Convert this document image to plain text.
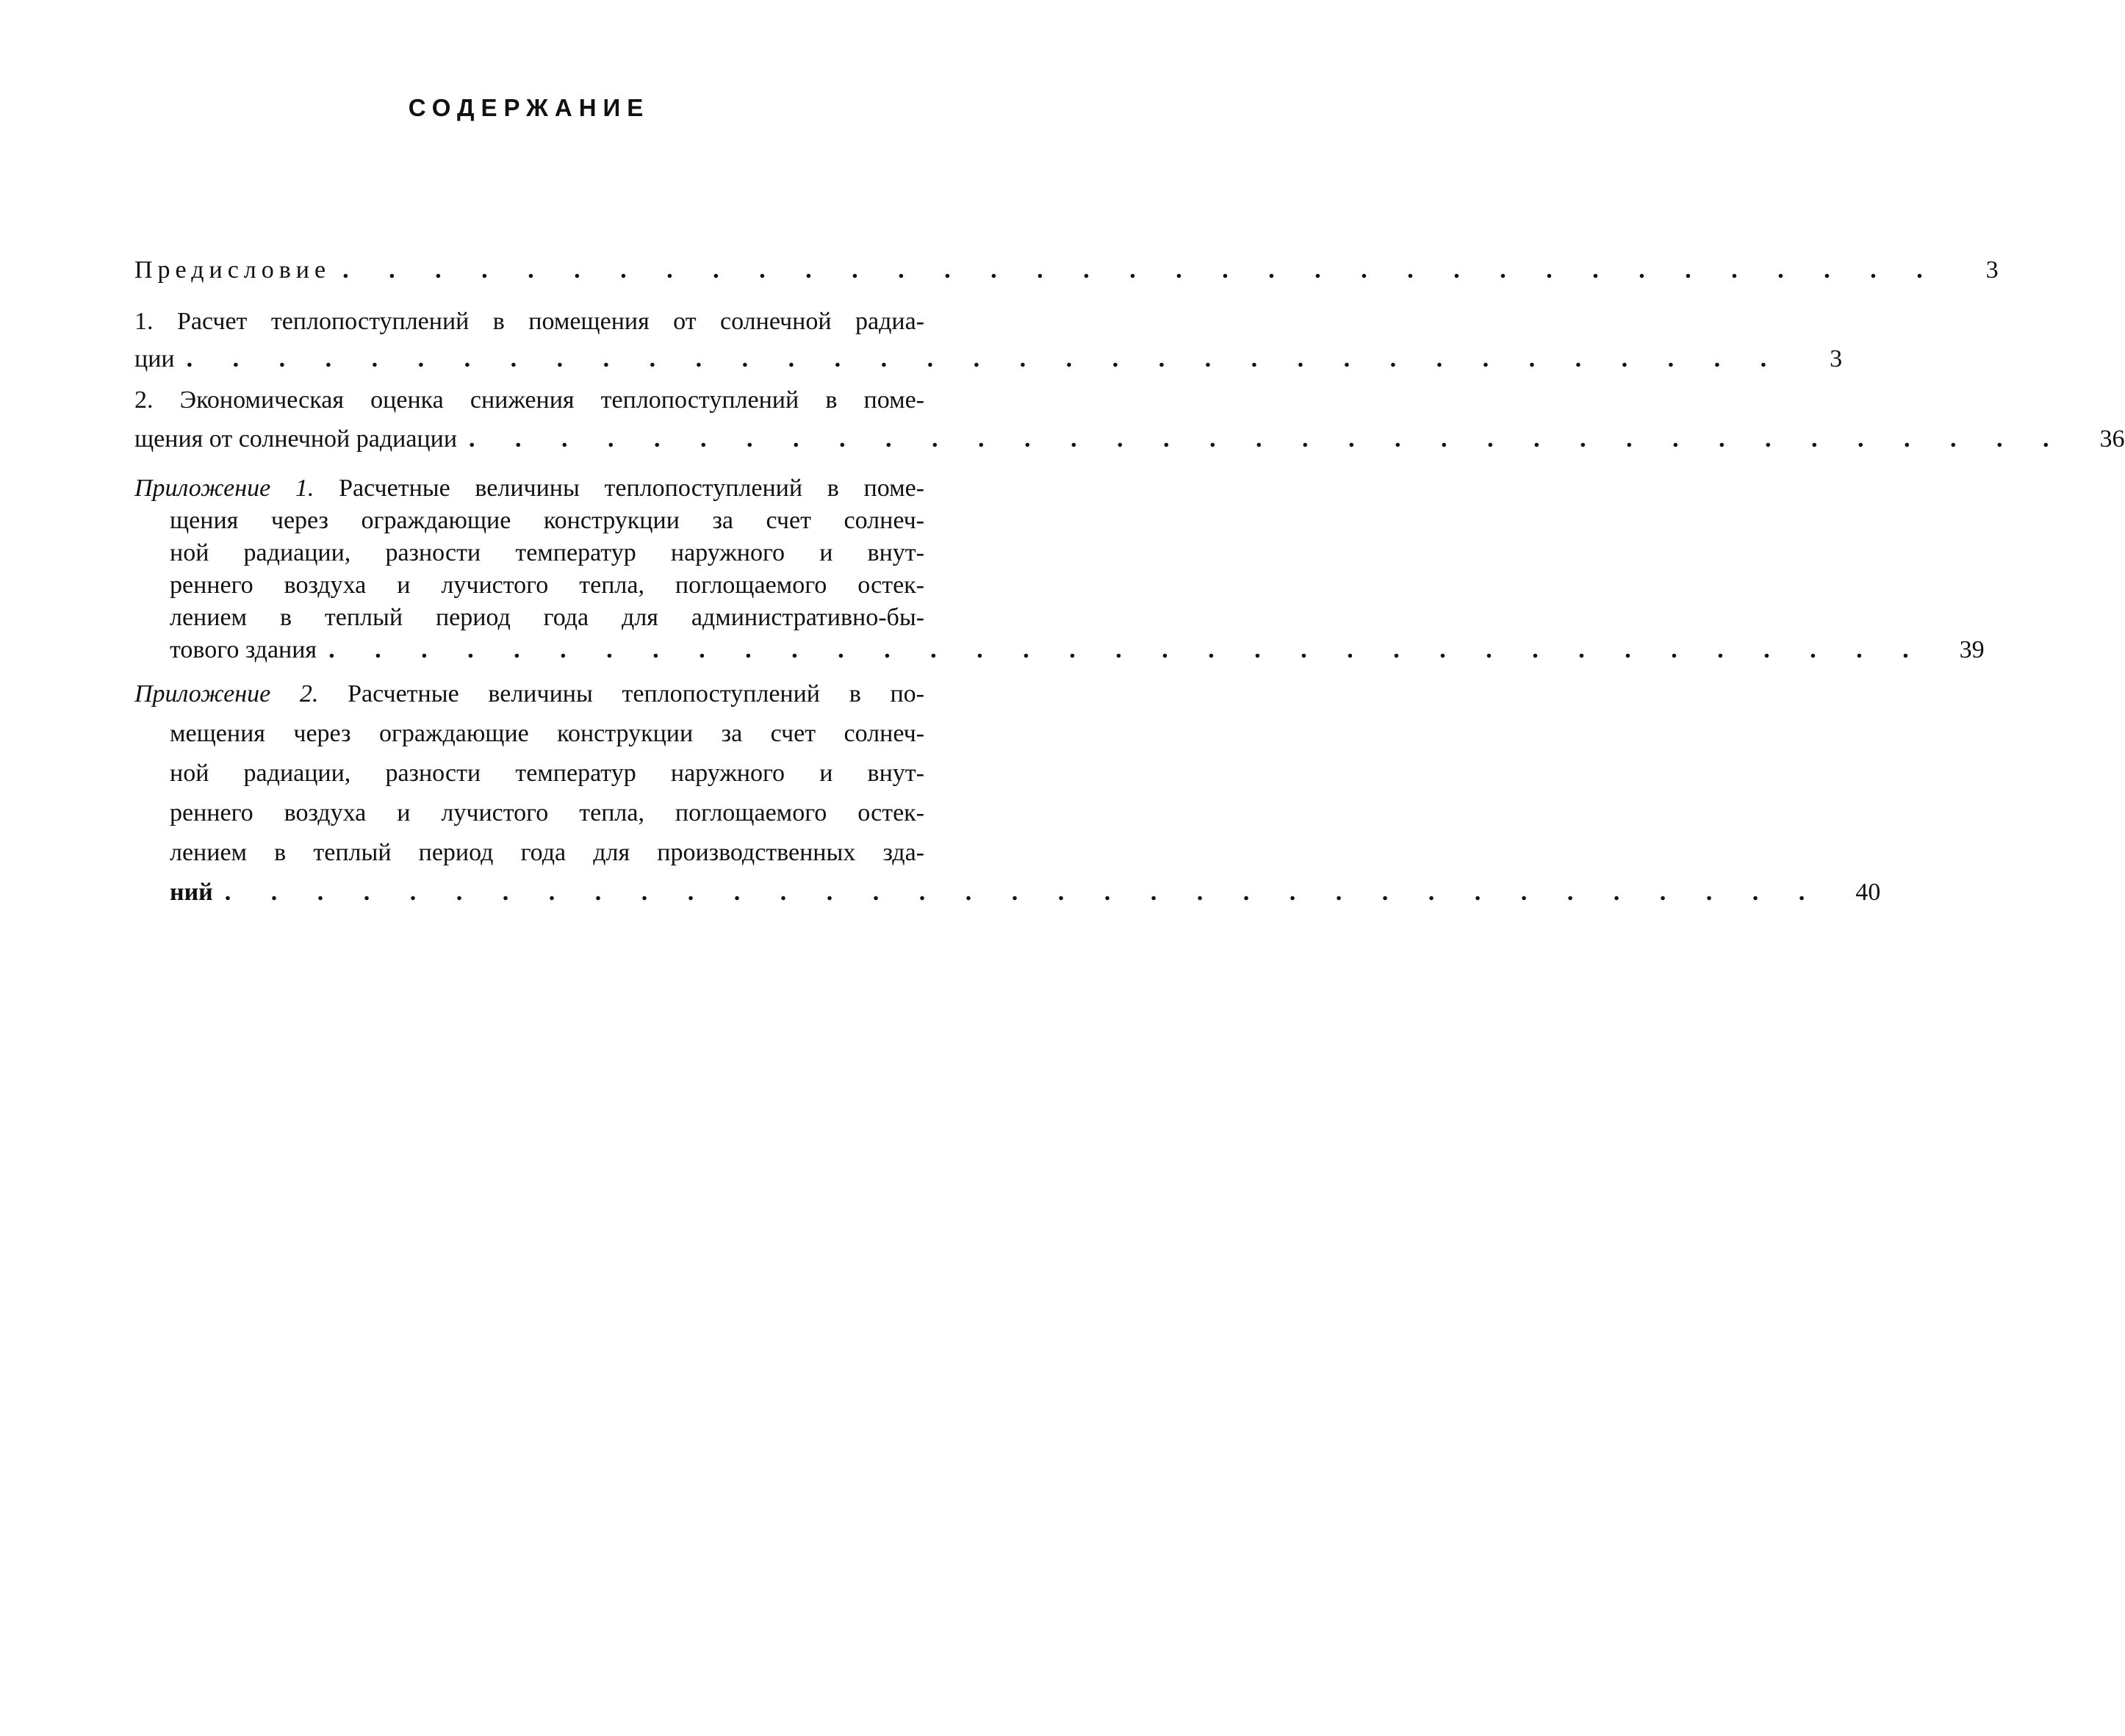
СОДЕРЖАНИЕ
Предисловие . . . . . . . . . . . . . . . . . . . . . . . . . . . . . . . . . . .	3
1. Расчет теплопоступлений в помещения от солнечной радиа-
ции . . . . . . . . . . . . . . . . . . . . . . . . . . . . . . . . . . .	3
2. Экономическая оценка снижения теплопоступлений в поме-
щения от солнечной радиации . . . . . . . . . . . . . . . . . . . . . . . . . . . . . . . . . . .	36
Приложение 1. Расчетные величины теплопоступлений в поме-
щения через ограждающие конструкции за счет солнеч-
ной радиации, разности температур наружного и внут-
реннего воздуха и лучистого тепла, поглощаемого остек-
лением в теплый период года для административно-бы-
тового здания . . . . . . . . . . . . . . . . . . . . . . . . . . . . . . . . . . .	39
Приложение 2. Расчетные величины теплопоступлений в по-
мещения через ограждающие конструкции за счет солнеч-
ной радиации, разности температур наружного и внут-
реннего воздуха и лучистого тепла, поглощаемого остек-
лением в теплый период года для производственных зда-
ний . . . . . . . . . . . . . . . . . . . . . . . . . . . . . . . . . . .	40
